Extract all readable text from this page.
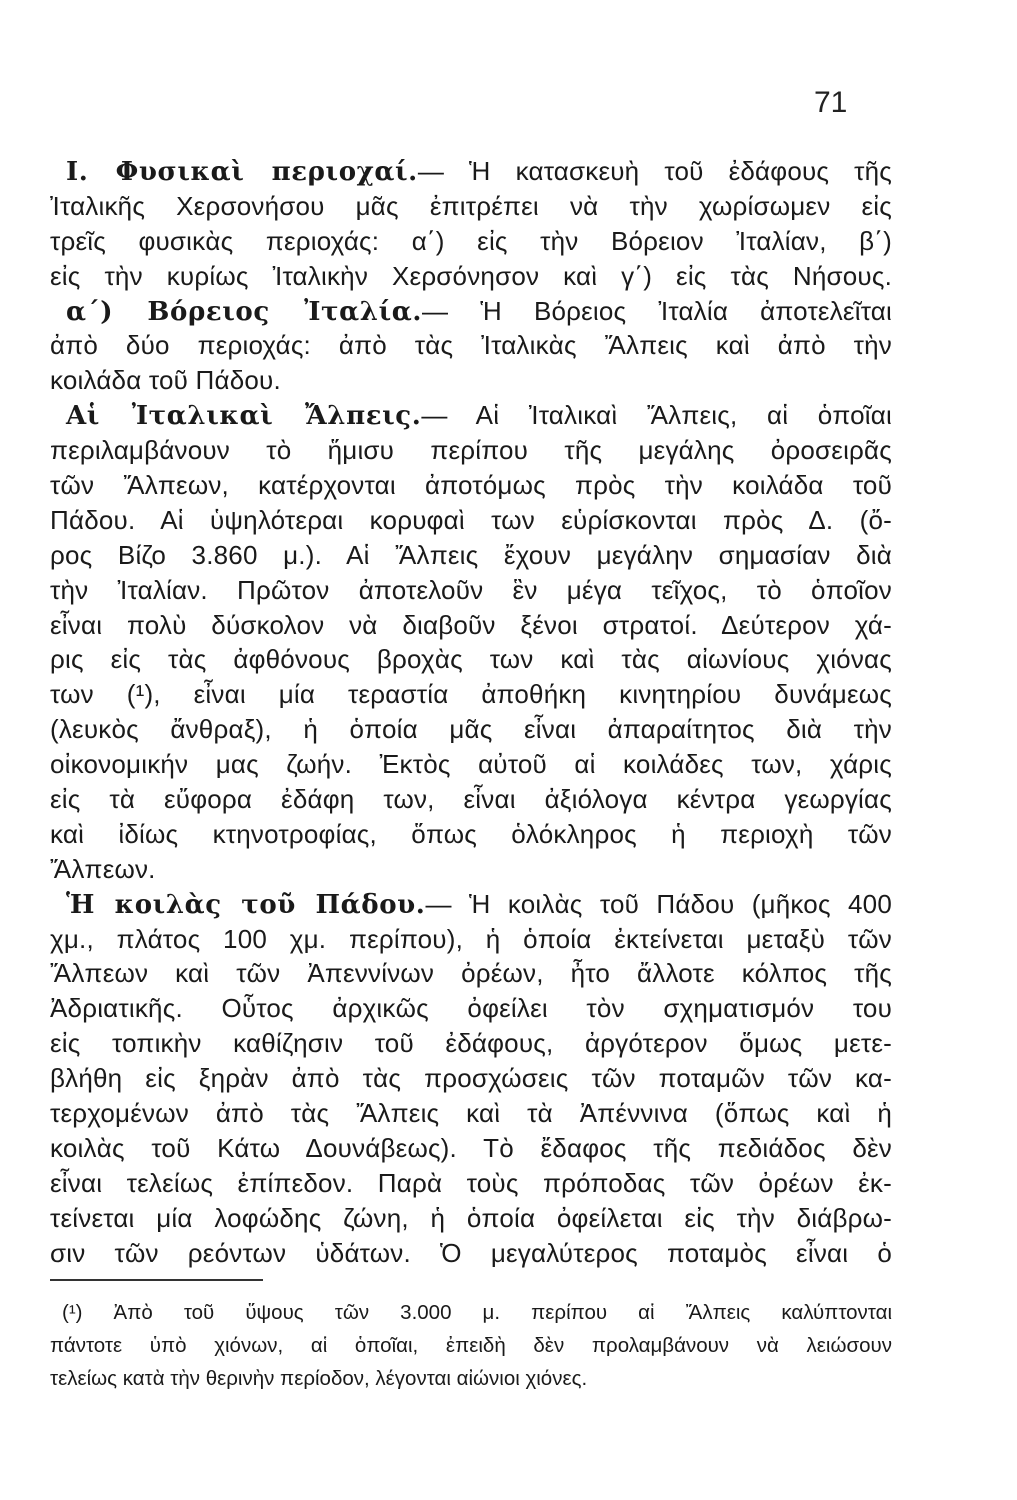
71
I. Φυσικαὶ περιοχαί.— Ἡ κατασκευὴ τοῦ ἐδάφους τῆς
Ἰταλικῆς Χερσονήσου μᾶς ἐπιτρέπει νὰ τὴν χωρίσωμεν εἰς
τρεῖς φυσικὰς περιοχάς: α΄) εἰς τὴν Βόρειον Ἰταλίαν, β΄)
εἰς τὴν κυρίως Ἰταλικὴν Χερσόνησον καὶ γ΄) εἰς τὰς Νήσους.
α΄) Βόρειος Ἰταλία.— Ἡ Βόρειος Ἰταλία ἀποτελεῖται
ἀπὸ δύο περιοχάς: ἀπὸ τὰς Ἰταλικὰς Ἄλπεις καὶ ἀπὸ τὴν
κοιλάδα τοῦ Πάδου.
Αἱ Ἰταλικαὶ Ἄλπεις.— Αἱ Ἰταλικαὶ Ἄλπεις, αἱ ὁποῖαι
περιλαμβάνουν τὸ ἥμισυ περίπου τῆς μεγάλης ὀροσειρᾶς
τῶν Ἄλπεων, κατέρχονται ἀποτόμως πρὸς τὴν κοιλάδα τοῦ
Πάδου. Αἱ ὑψηλότεραι κορυφαὶ των εὑρίσκονται πρὸς Δ. (ὄ-
ρος Βίζο 3.860 μ.). Αἱ Ἄλπεις ἔχουν μεγάλην σημασίαν διὰ
τὴν Ἰταλίαν. Πρῶτον ἀποτελοῦν ἓν μέγα τεῖχος, τὸ ὁποῖον
εἶναι πολὺ δύσκολον νὰ διαβοῦν ξένοι στρατοί. Δεύτερον χά-
ρις εἰς τὰς ἀφθόνους βροχὰς των καὶ τὰς αἰωνίους χιόνας
των (¹), εἶναι μία τεραστία ἀποθήκη κινητηρίου δυνάμεως
(λευκὸς ἄνθραξ), ἡ ὁποία μᾶς εἶναι ἀπαραίτητος διὰ τὴν
οἰκονομικήν μας ζωήν. Ἐκτὸς αὐτοῦ αἱ κοιλάδες των, χάρις
εἰς τὰ εὔφορα ἐδάφη των, εἶναι ἀξιόλογα κέντρα γεωργίας
καὶ ἰδίως κτηνοτροφίας, ὅπως ὁλόκληρος ἡ περιοχὴ τῶν
Ἄλπεων.
Ἡ κοιλὰς τοῦ Πάδου.— Ἡ κοιλὰς τοῦ Πάδου (μῆκος 400
χμ., πλάτος 100 χμ. περίπου), ἡ ὁποία ἐκτείνεται μεταξὺ τῶν
Ἄλπεων καὶ τῶν Ἀπεννίνων ὀρέων, ἦτο ἄλλοτε κόλπος τῆς
Ἀδριατικῆς. Οὗτος ἀρχικῶς ὀφείλει τὸν σχηματισμόν του
εἰς τοπικὴν καθίζησιν τοῦ ἐδάφους, ἀργότερον ὅμως μετε-
βλήθη εἰς ξηρὰν ἀπὸ τὰς προσχώσεις τῶν ποταμῶν τῶν κα-
τερχομένων ἀπὸ τὰς Ἄλπεις καὶ τὰ Ἀπέννινα (ὅπως καὶ ἡ
κοιλὰς τοῦ Κάτω Δουνάβεως). Τὸ ἔδαφος τῆς πεδιάδος δὲν
εἶναι τελείως ἐπίπεδον. Παρὰ τοὺς πρόποδας τῶν ὀρέων ἐκ-
τείνεται μία λοφώδης ζώνη, ἡ ὁποία ὀφείλεται εἰς τὴν διάβρω-
σιν τῶν ρεόντων ὑδάτων. Ὁ μεγαλύτερος ποταμὸς εἶναι ὁ
(¹) Ἀπὸ τοῦ ὕψους τῶν 3.000 μ. περίπου αἱ Ἄλπεις καλύπτονται
πάντοτε ὑπὸ χιόνων, αἱ ὁποῖαι, ἐπειδὴ δὲν προλαμβάνουν νὰ λειώσουν
τελείως κατὰ τὴν θερινὴν περίοδον, λέγονται αἰώνιοι χιόνες.
